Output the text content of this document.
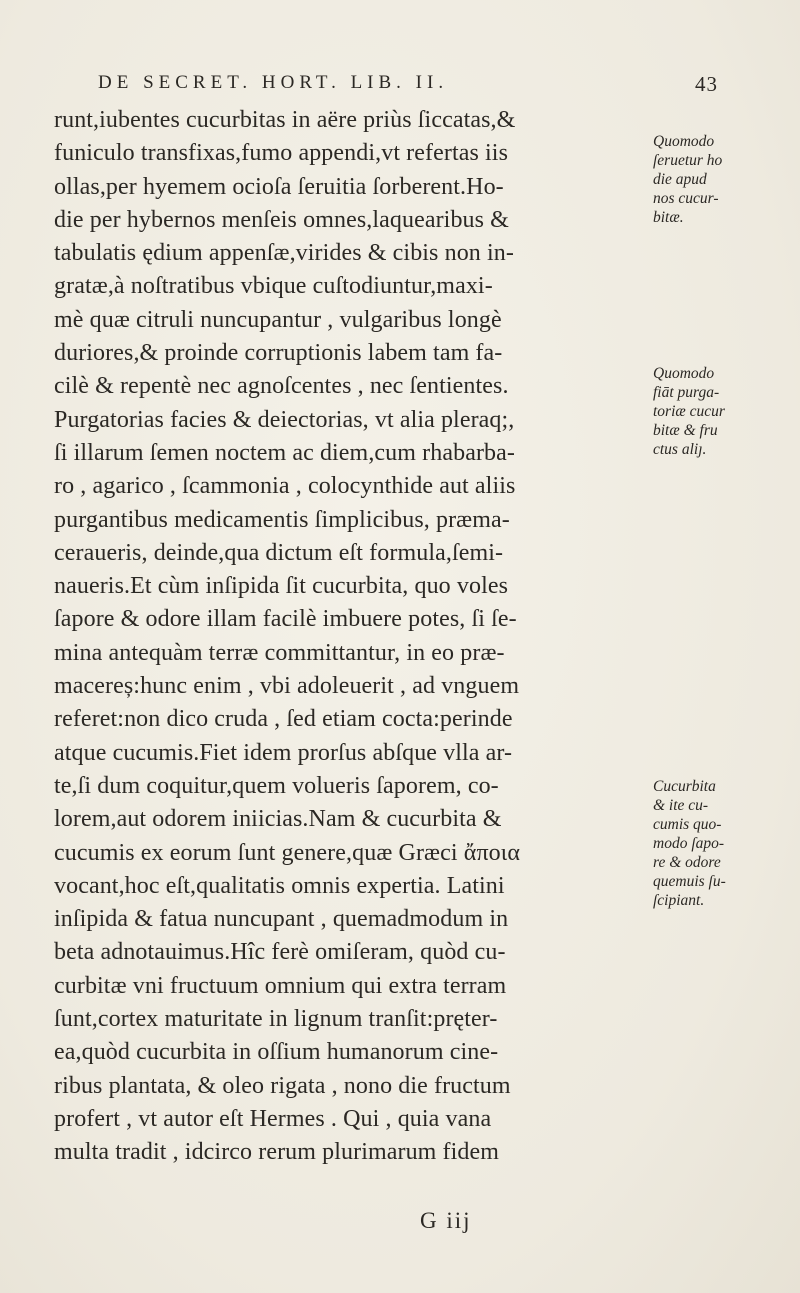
DE SECRET. HORT. LIB. II.	43
runt,iubentes cucurbitas in aëre priùs ſiccatas,&
funiculo transfixas,fumo appendi,vt refertas iis
ollas,per hyemem ocioſa ſeruitia ſorberent.Ho-
die per hybernos menſeis omnes,laquearibus &
tabulatis ędium appenſæ,virides & cibis non in-
gratæ,à noſtratibus vbique cuſtodiuntur,maxi-
mè quæ citruli nuncupantur , vulgaribus longè
duriores,& proinde corruptionis labem tam fa-
cilè & repentè nec agnoſcentes , nec ſentientes.
Purgatorias facies & deiectorias, vt alia pleraq;,
ſi illarum ſemen noctem ac diem,cum rhabarba-
ro , agarico , ſcammonia , colocynthide aut aliis
purgantibus medicamentis ſimplicibus, præma-
ceraueris, deinde,qua dictum eſt formula,ſemi-
naueris.Et cùm inſipida ſit cucurbita, quo voles
ſapore & odore illam facilè imbuere potes, ſi ſe-
mina antequàm terræ committantur, in eo præ-
macereș:hunc enim , vbi adoleuerit , ad vnguem
referet:non dico cruda , ſed etiam cocta:perinde
atque cucumis.Fiet idem prorſus abſque vlla ar-
te,ſi dum coquitur,quem volueris ſaporem, co-
lorem,aut odorem iniicias.Nam & cucurbita &
cucumis ex eorum ſunt genere,quæ Græci ἄποια
vocant,hoc eſt,qualitatis omnis expertia. Latini
inſipida & fatua nuncupant , quemadmodum in
beta adnotauimus.Hîc ferè omiſeram, quòd cu-
curbitæ vni fructuum omnium qui extra terram
ſunt,cortex maturitate in lignum tranſit:pręter-
ea,quòd cucurbita in oſſium humanorum cine-
ribus plantata, & oleo rigata , nono die fructum
profert , vt autor eſt Hermes . Qui , quia vana
multa tradit , idcirco rerum plurimarum fidem
Quomodo
ſeruetur ho
die apud
nos cucur-
bitæ.
Quomodo
fiāt purga-
toriæ cucur
bitæ & fru
ctus aliȷ.
Cucurbita
& ite cu-
cumis quo-
modo ſapo-
re & odore
quemuis ſu-
ſcipiant.
G iij
